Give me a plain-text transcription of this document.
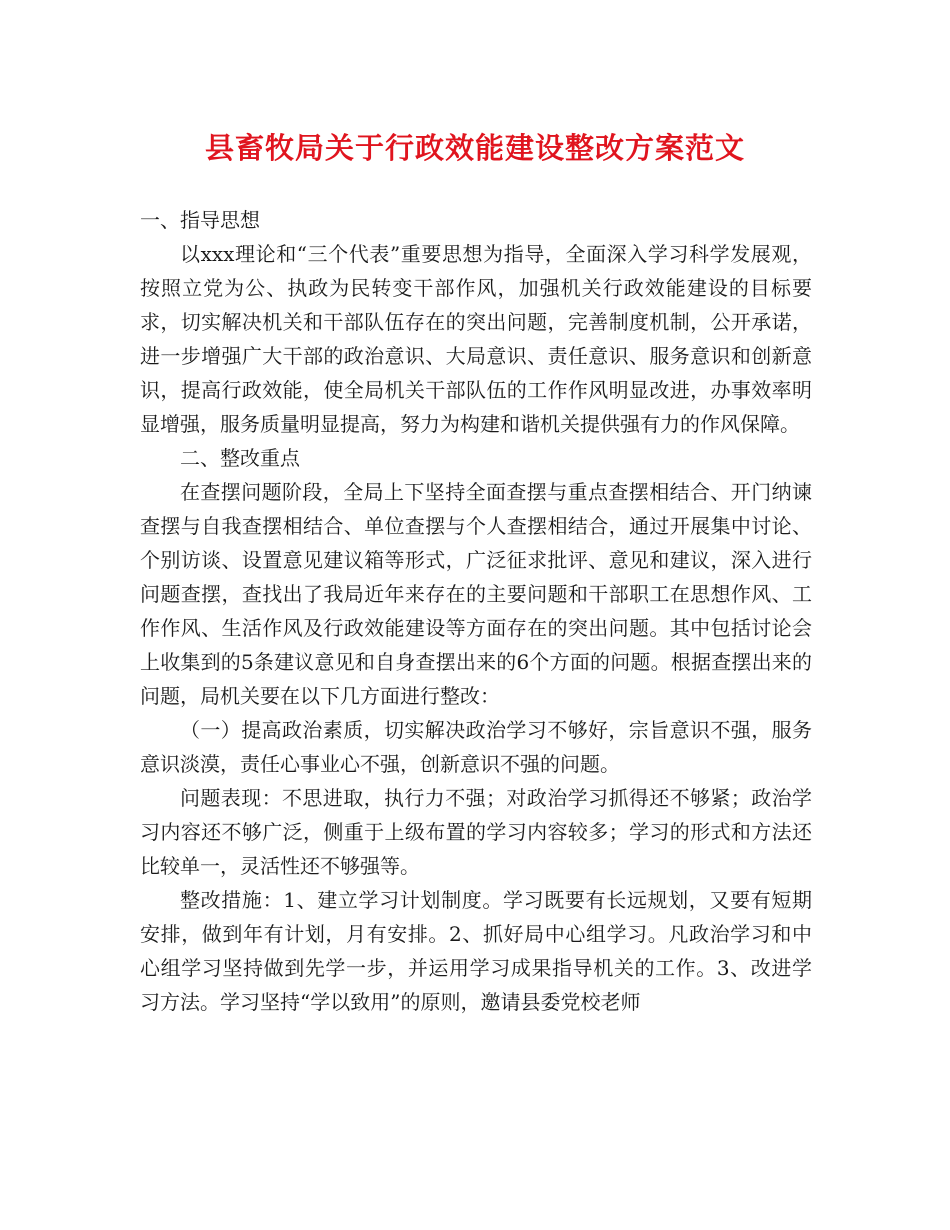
县畜牧局关于行政效能建设整改方案范文

一、指导思想

以xxx理论和“三个代表”重要思想为指导，全面深入学习科学发展观，按照立党为公、执政为民转变干部作风，加强机关行政效能建设的目标要求，切实解决机关和干部队伍存在的突出问题，完善制度机制，公开承诺，进一步增强广大干部的政治意识、大局意识、责任意识、服务意识和创新意识，提高行政效能，使全局机关干部队伍的工作作风明显改进，办事效率明显增强，服务质量明显提高，努力为构建和谐机关提供强有力的作风保障。

二、整改重点

在查摆问题阶段，全局上下坚持全面查摆与重点查摆相结合、开门纳谏查摆与自我查摆相结合、单位查摆与个人查摆相结合，通过开展集中讨论、个别访谈、设置意见建议箱等形式，广泛征求批评、意见和建议，深入进行问题查摆，查找出了我局近年来存在的主要问题和干部职工在思想作风、工作作风、生活作风及行政效能建设等方面存在的突出问题。其中包括讨论会上收集到的5条建议意见和自身查摆出来的6个方面的问题。根据查摆出来的问题，局机关要在以下几方面进行整改：

（一）提高政治素质，切实解决政治学习不够好，宗旨意识不强，服务意识淡漠，责任心事业心不强，创新意识不强的问题。

问题表现：不思进取，执行力不强；对政治学习抓得还不够紧；政治学习内容还不够广泛，侧重于上级布置的学习内容较多；学习的形式和方法还比较单一，灵活性还不够强等。

整改措施：1、建立学习计划制度。学习既要有长远规划，又要有短期安排，做到年有计划，月有安排。2、抓好局中心组学习。凡政治学习和中心组学习坚持做到先学一步，并运用学习成果指导机关的工作。3、改进学习方法。学习坚持“学以致用”的原则，邀请县委党校老师
